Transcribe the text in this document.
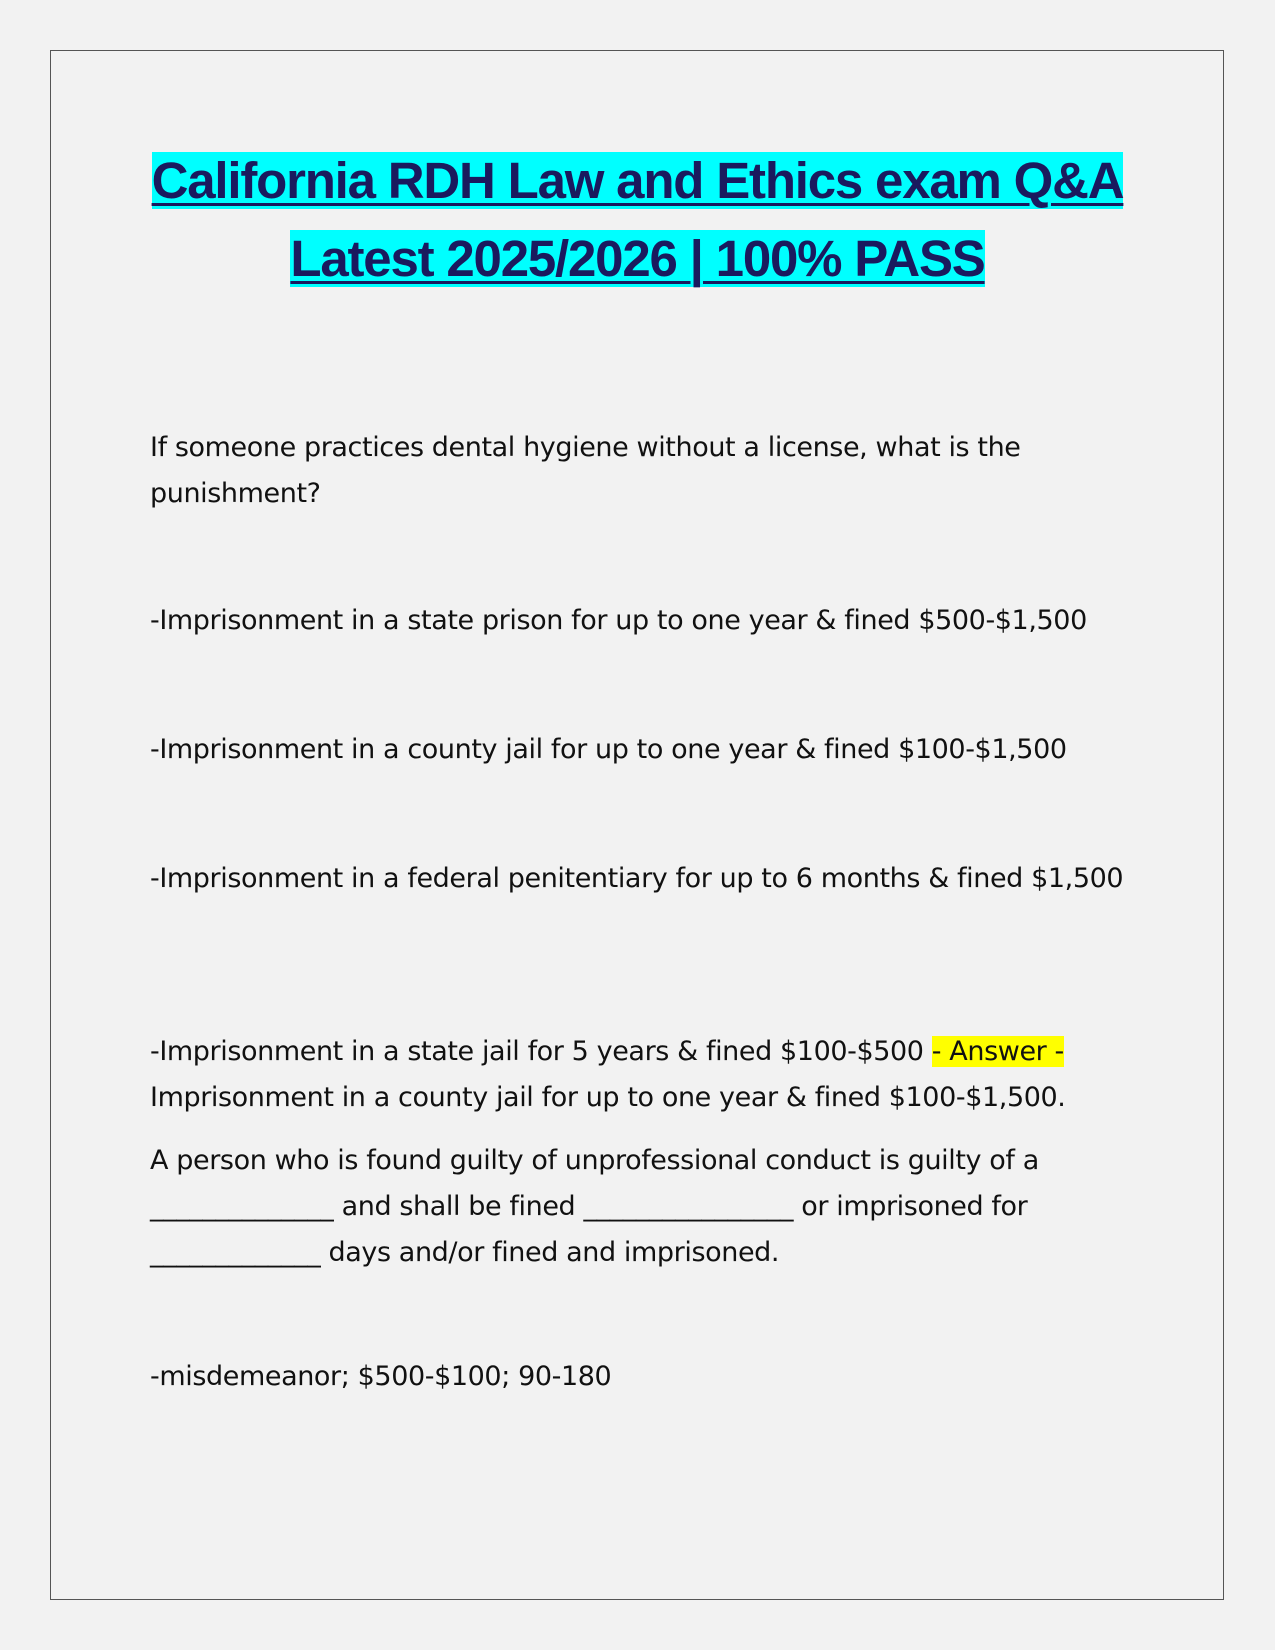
California RDH Law and Ethics exam Q&A Latest 2025/2026 | 100% PASS

If someone practices dental hygiene without a license, what is the punishment?

-Imprisonment in a state prison for up to one year & fined $500-$1,500

-Imprisonment in a county jail for up to one year & fined $100-$1,500

-Imprisonment in a federal penitentiary for up to 6 months & fined $1,500

-Imprisonment in a state jail for 5 years & fined $100-$500 - Answer - Imprisonment in a county jail for up to one year & fined $100-$1,500.

A person who is found guilty of unprofessional conduct is guilty of a ______________ and shall be fined ________________ or imprisoned for _____________ days and/or fined and imprisoned.

-misdemeanor; $500-$100; 90-180
